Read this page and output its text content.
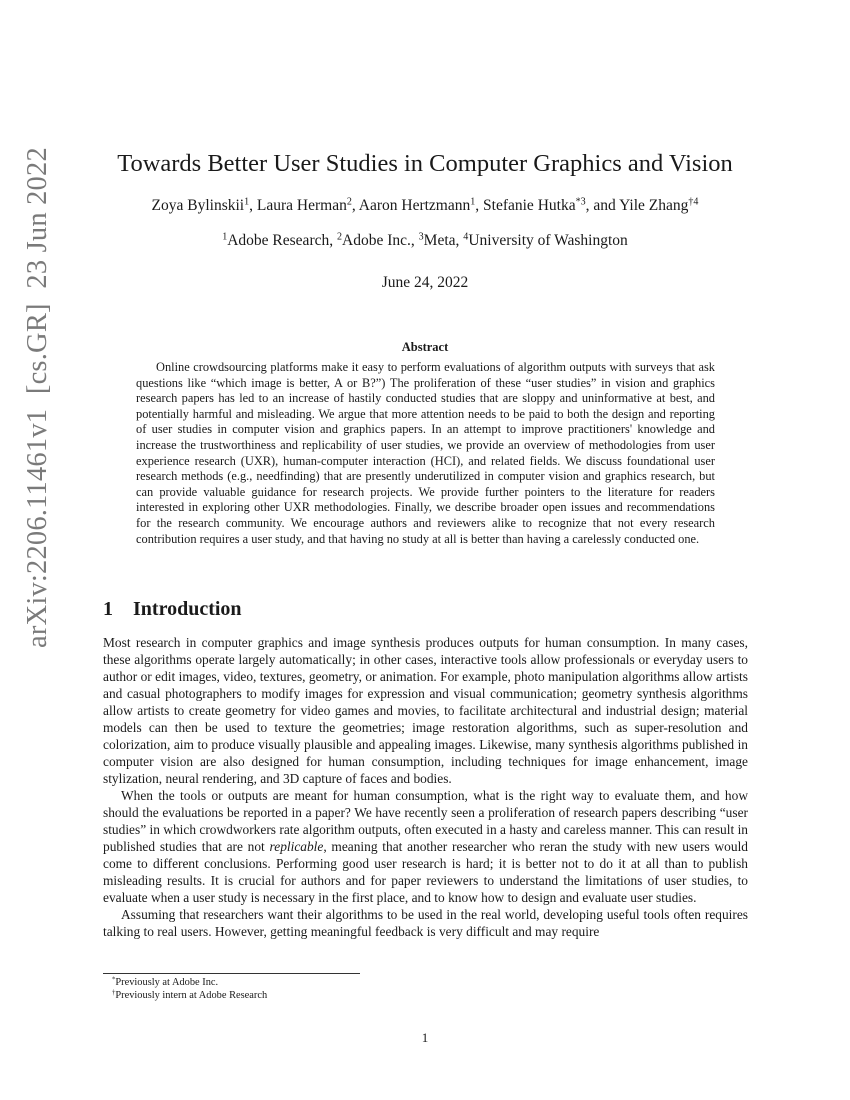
arXiv:2206.11461v1  [cs.GR]  23 Jun 2022	Towards Better User Studies in Computer Graphics and Vision
Zoya Bylinskii$^1$, Laura Herman$^2$, Aaron Hertzmann$^1$, Stefanie Hutka$^{*3}$, and Yile Zhang$^{\dagger 4}$
$^1$Adobe Research, $^2$Adobe Inc., $^3$Meta, $^4$University of Washington
June 24, 2022
Abstract

Online crowdsourcing platforms make it easy to perform evaluations of algorithm outputs with surveys that ask questions like “which image is better, A or B?”) The proliferation of these “user studies” in vision and graphics research papers has led to an increase of hastily conducted studies that are sloppy and uninformative at best, and potentially harmful and misleading. We argue that more attention needs to be paid to both the design and reporting of user studies in computer vision and graphics papers. In an attempt to improve practitioners' knowledge and increase the trustworthiness and replicability of user studies, we provide an overview of methodologies from user experience research (UXR), human-computer interaction (HCI), and related fields. We discuss foundational user research methods (e.g., needfinding) that are presently underutilized in computer vision and graphics research, but can provide valuable guidance for research projects. We provide further pointers to the literature for readers interested in exploring other UXR methodologies. Finally, we describe broader open issues and recommendations for the research community. We encourage authors and reviewers alike to recognize that not every research contribution requires a user study, and that having no study at all is better than having a carelessly conducted one.

1 Introduction

Most research in computer graphics and image synthesis produces outputs for human consumption. In many cases, these algorithms operate largely automatically; in other cases, interactive tools allow professionals or everyday users to author or edit images, video, textures, geometry, or animation. For example, photo manipulation algorithms allow artists and casual photographers to modify images for expression and visual communication; geometry synthesis algorithms allow artists to create geometry for video games and movies, to facilitate architectural and industrial design; material models can then be used to texture the geometries; image restoration algorithms, such as super-resolution and colorization, aim to produce visually plausible and appealing images. Likewise, many synthesis algorithms published in computer vision are also designed for human consumption, including techniques for image enhancement, image stylization, neural rendering, and 3D capture of faces and bodies.

When the tools or outputs are meant for human consumption, what is the right way to evaluate them, and how should the evaluations be reported in a paper? We have recently seen a proliferation of research papers describing “user studies” in which crowdworkers rate algorithm outputs, often executed in a hasty and careless manner. This can result in published studies that are not replicable, meaning that another researcher who reran the study with new users would come to different conclusions. Performing good user research is hard; it is better not to do it at all than to publish misleading results. It is crucial for authors and for paper reviewers to understand the limitations of user studies, to evaluate when a user study is necessary in the first place, and to know how to design and evaluate user studies.

Assuming that researchers want their algorithms to be used in the real world, developing useful tools often requires talking to real users. However, getting meaningful feedback is very difficult and may require

*Previously at Adobe Inc.
†Previously intern at Adobe Research
1
